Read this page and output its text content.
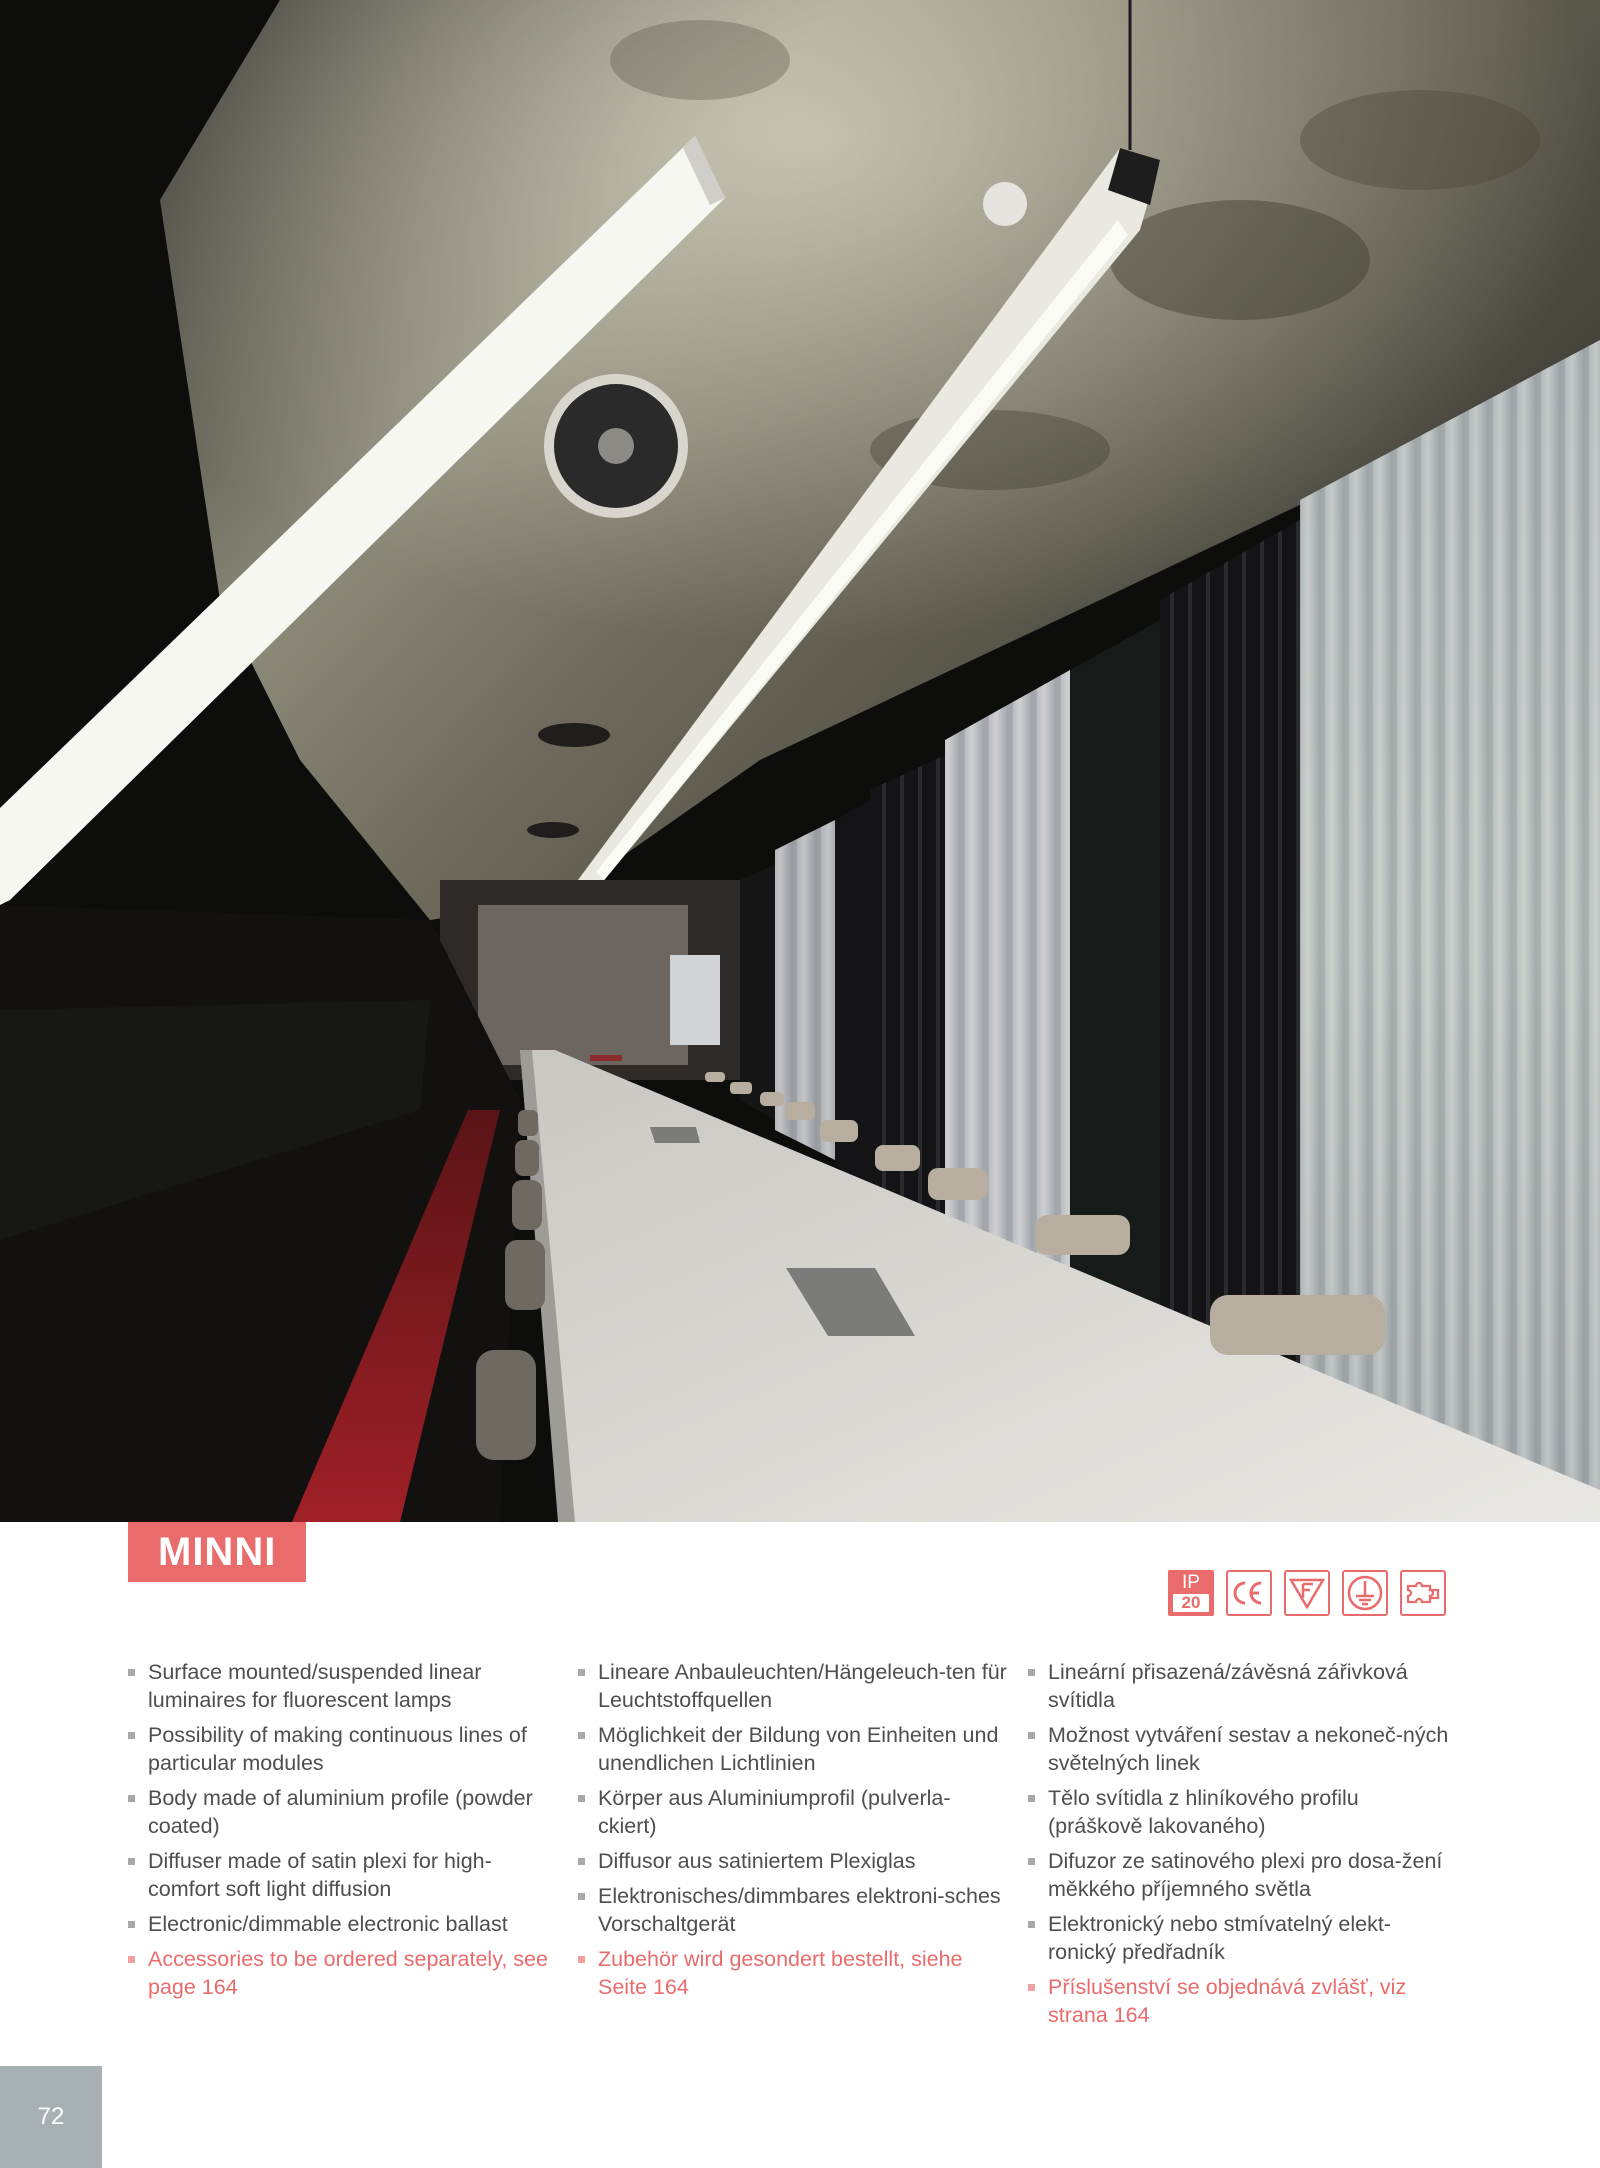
MINNI
IP
20
Surface mounted/suspended linear luminaires for fluorescent lamps
Possibility of making continuous lines of particular modules
Body made of aluminium profile (powder coated)
Diffuser made of satin plexi for high-comfort soft light diffusion
Electronic/dimmable electronic ballast
Accessories to be ordered separately, see page 164
Lineare Anbauleuchten/Hängeleuch-ten für Leuchtstoffquellen
Möglichkeit der Bildung von Einheiten und unendlichen Lichtlinien
Körper aus Aluminiumprofil (pulverla-ckiert)
Diffusor aus satiniertem Plexiglas
Elektronisches/dimmbares elektroni-sches Vorschaltgerät
Zubehör wird gesondert bestellt, siehe Seite 164
Lineární přisazená/závěsná zářivková svítidla
Možnost vytváření sestav a nekoneč-ných světelných linek
Tělo svítidla z hliníkového profilu (práškově lakovaného)
Difuzor ze satinového plexi pro dosa-žení měkkého příjemného světla
Elektronický nebo stmívatelný elekt-ronický předřadník
Příslušenství se objednává zvlášť, viz strana 164
72
